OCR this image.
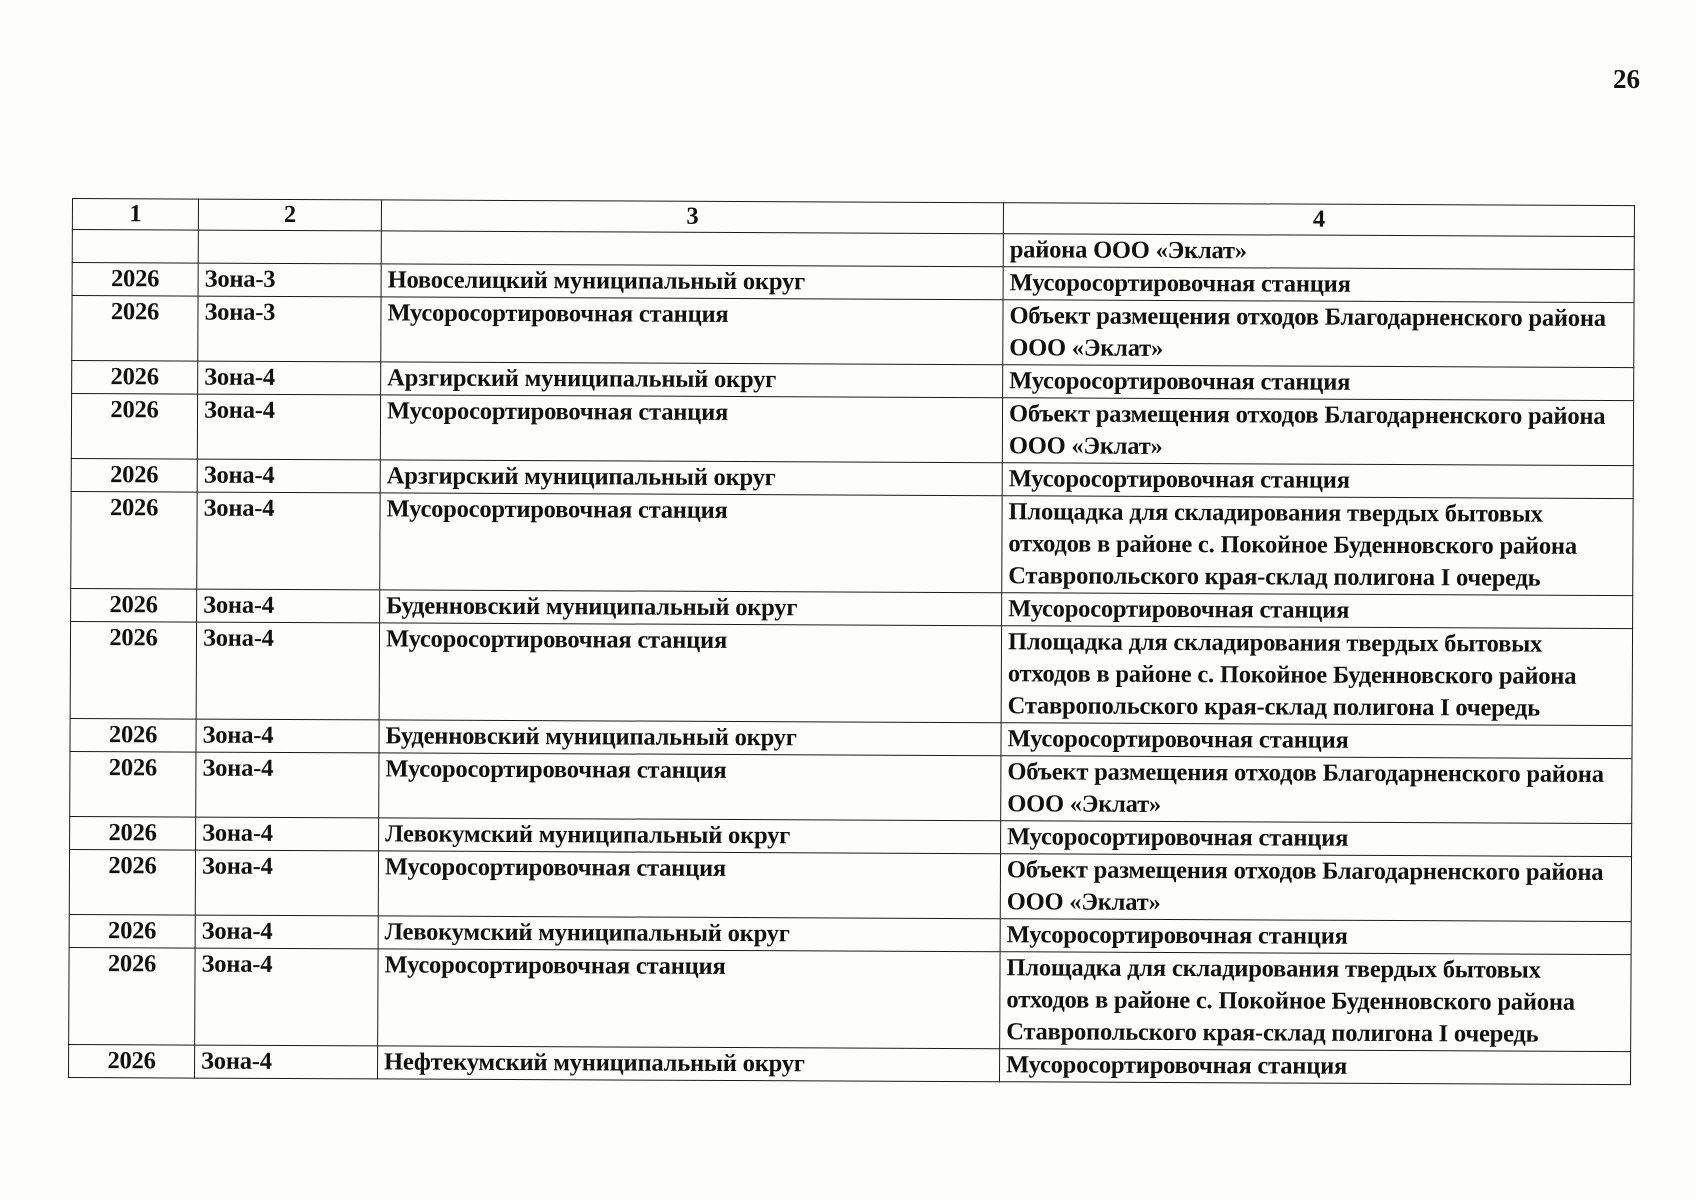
26
1	2	3	4
			района ООО «Эклат»
2026	Зона-3	Новоселицкий муниципальный округ	Мусоросортировочная станция
2026	Зона-3	Мусоросортировочная станция	Объект размещения отходов Благодарненского района ООО «Эклат»
2026	Зона-4	Арзгирский муниципальный округ	Мусоросортировочная станция
2026	Зона-4	Мусоросортировочная станция	Объект размещения отходов Благодарненского района ООО «Эклат»
2026	Зона-4	Арзгирский муниципальный округ	Мусоросортировочная станция
2026	Зона-4	Мусоросортировочная станция	Площадка для складирования твердых бытовых отходов в районе с. Покойное Буденновского района Ставропольского края-склад полигона I очередь
2026	Зона-4	Буденновский муниципальный округ	Мусоросортировочная станция
2026	Зона-4	Мусоросортировочная станция	Площадка для складирования твердых бытовых отходов в районе с. Покойное Буденновского района Ставропольского края-склад полигона I очередь
2026	Зона-4	Буденновский муниципальный округ	Мусоросортировочная станция
2026	Зона-4	Мусоросортировочная станция	Объект размещения отходов Благодарненского района ООО «Эклат»
2026	Зона-4	Левокумский муниципальный округ	Мусоросортировочная станция
2026	Зона-4	Мусоросортировочная станция	Объект размещения отходов Благодарненского района ООО «Эклат»
2026	Зона-4	Левокумский муниципальный округ	Мусоросортировочная станция
2026	Зона-4	Мусоросортировочная станция	Площадка для складирования твердых бытовых отходов в районе с. Покойное Буденновского района Ставропольского края-склад полигона I очередь
2026	Зона-4	Нефтекумский муниципальный округ	Мусоросортировочная станция
